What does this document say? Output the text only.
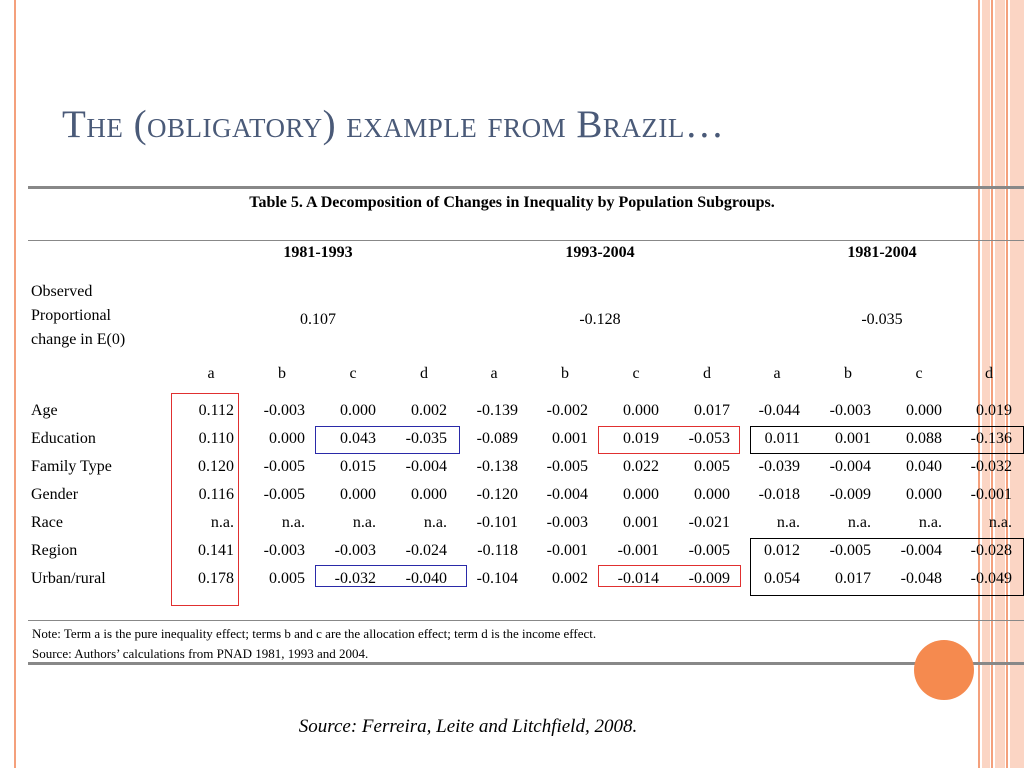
The (obligatory) example from Brazil…
Table 5. A Decomposition of Changes in Inequality by Population Subgroups.
1981-1993	1993-2004	1981-2004
Observed
Proportional
change in E(0)
0.107	-0.128	-0.035
a	b	c	d	a	b	c	d	a	b	c	d
Age	0.112	-0.003	0.000	0.002	-0.139	-0.002	0.000	0.017	-0.044	-0.003	0.000	0.019
Education	0.110	0.000	0.043	-0.035	-0.089	0.001	0.019	-0.053	0.011	0.001	0.088	-0.136
Family Type	0.120	-0.005	0.015	-0.004	-0.138	-0.005	0.022	0.005	-0.039	-0.004	0.040	-0.032
Gender	0.116	-0.005	0.000	0.000	-0.120	-0.004	0.000	0.000	-0.018	-0.009	0.000	-0.001
Race	n.a.	n.a.	n.a.	n.a.	-0.101	-0.003	0.001	-0.021	n.a.	n.a.	n.a.	n.a.
Region	0.141	-0.003	-0.003	-0.024	-0.118	-0.001	-0.001	-0.005	0.012	-0.005	-0.004	-0.028
Urban/rural	0.178	0.005	-0.032	-0.040	-0.104	0.002	-0.014	-0.009	0.054	0.017	-0.048	-0.049
Note: Term a is the pure inequality effect; terms b and c are the allocation effect; term d is the income effect.
Source: Authors’ calculations from PNAD 1981, 1993 and 2004.
Source: Ferreira, Leite and Litchfield, 2008.
